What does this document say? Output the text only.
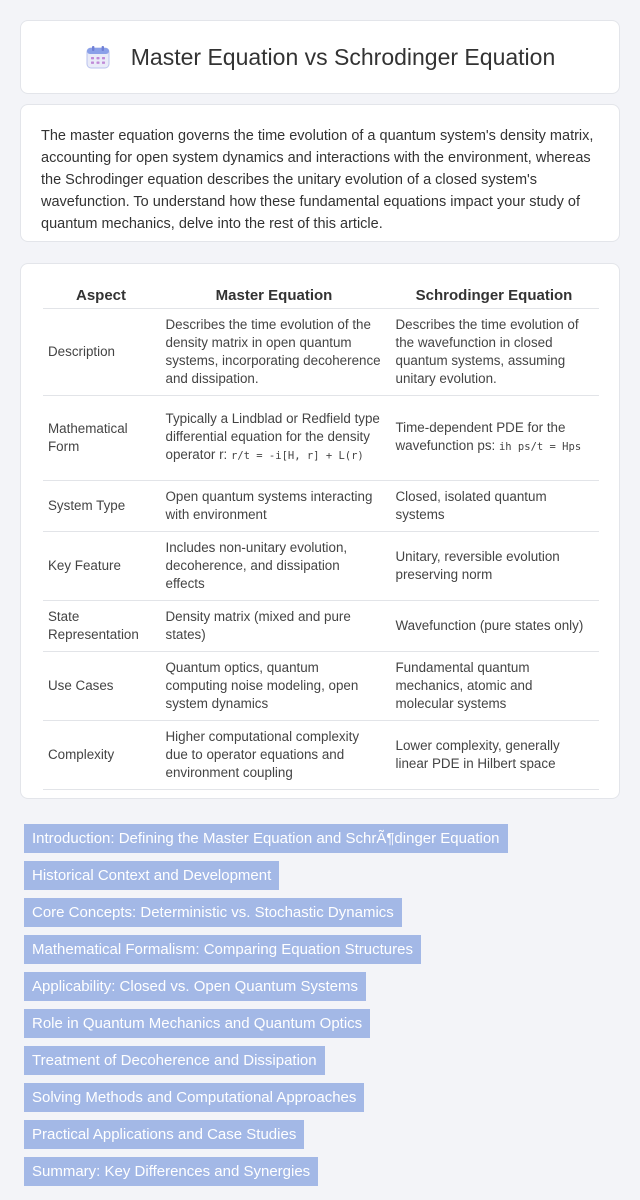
Master Equation vs Schrodinger Equation

The master equation governs the time evolution of a quantum system's density matrix, accounting for open system dynamics and interactions with the environment, whereas the Schrodinger equation describes the unitary evolution of a closed system's wavefunction. To understand how these fundamental equations impact your study of quantum mechanics, delve into the rest of this article.

Aspect	Master Equation	Schrodinger Equation
Description	Describes the time evolution of the density matrix in open quantum systems, incorporating decoherence and dissipation.	Describes the time evolution of the wavefunction in closed quantum systems, assuming unitary evolution.
Mathematical Form	Typically a Lindblad or Redfield type differential equation for the density operator r: r/t = -i[H, r] + L(r)	Time-dependent PDE for the wavefunction ps: ih ps/t = Hps
System Type	Open quantum systems interacting with environment	Closed, isolated quantum systems
Key Feature	Includes non-unitary evolution, decoherence, and dissipation effects	Unitary, reversible evolution preserving norm
State Representation	Density matrix (mixed and pure states)	Wavefunction (pure states only)
Use Cases	Quantum optics, quantum computing noise modeling, open system dynamics	Fundamental quantum mechanics, atomic and molecular systems
Complexity	Higher computational complexity due to operator equations and environment coupling	Lower complexity, generally linear PDE in Hilbert space
Introduction: Defining the Master Equation and SchrÃ¶dinger Equation
Historical Context and Development
Core Concepts: Deterministic vs. Stochastic Dynamics
Mathematical Formalism: Comparing Equation Structures
Applicability: Closed vs. Open Quantum Systems
Role in Quantum Mechanics and Quantum Optics
Treatment of Decoherence and Dissipation
Solving Methods and Computational Approaches
Practical Applications and Case Studies
Summary: Key Differences and Synergies
